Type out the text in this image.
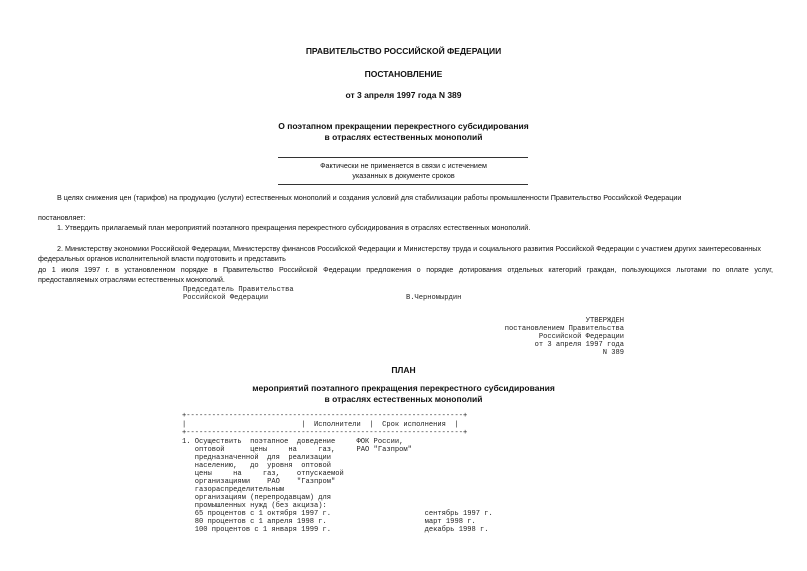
ПРАВИТЕЛЬСТВО РОССИЙСКОЙ ФЕДЕРАЦИИ
ПОСТАНОВЛЕНИЕ
от 3 апреля 1997 года N 389
О поэтапном прекращении перекрестного субсидирования
в отраслях естественных монополий
Фактически не применяется в связи с истечением
указанных в документе сроков
В целях снижения цен (тарифов) на продукцию (услуги) естественных монополий и создания условий для стабилизации работы промышленности Правительство Российской Федерации
постановляет:
1. Утвердить прилагаемый план мероприятий поэтапного прекращения перекрестного субсидирования в отраслях естественных монополий.
2. Министерству экономики Российской Федерации, Министерству финансов Российской Федерации и Министерству труда и социального развития Российской Федерации с участием других заинтересованных
федеральных органов исполнительной власти подготовить и представить
до 1 июля 1997 г. в установленном порядке в Правительство Российской Федерации предложения о порядке дотирования отдельных категорий граждан, пользующихся льготами по оплате услуг,
предоставляемых отраслями естественных монополий.
Председатель Правительства
Российской Федерации	В.Черномырдин
УТВЕРЖДЕН
постановлением Правительства
Российской Федерации
от 3 апреля 1997 года
N 389
ПЛАН
мероприятий поэтапного прекращения перекрестного субсидирования
в отраслях естественных монополий
+-----------------------------------------------------------------+
|                           |  Исполнители  |  Срок исполнения  |
+-----------------------------------------------------------------+
1. Осуществить  поэтапное  доведение     ФОК России,
оптовой      цены     на     газ,     РАО "Газпром"
предназначенной  для  реализации
населению,   до  уровня  оптовой
цены     на     газ,    отпускаемой
организациями    РАО    "Газпром"
газораспределительным
организациям (перепродавцам) для
промышленных нужд (без акциза):
65 процентов с 1 октября 1997 г.                      сентябрь 1997 г.
80 процентов с 1 апреля 1998 г.                       март 1998 г.
100 процентов с 1 января 1999 г.                      декабрь 1998 г.
